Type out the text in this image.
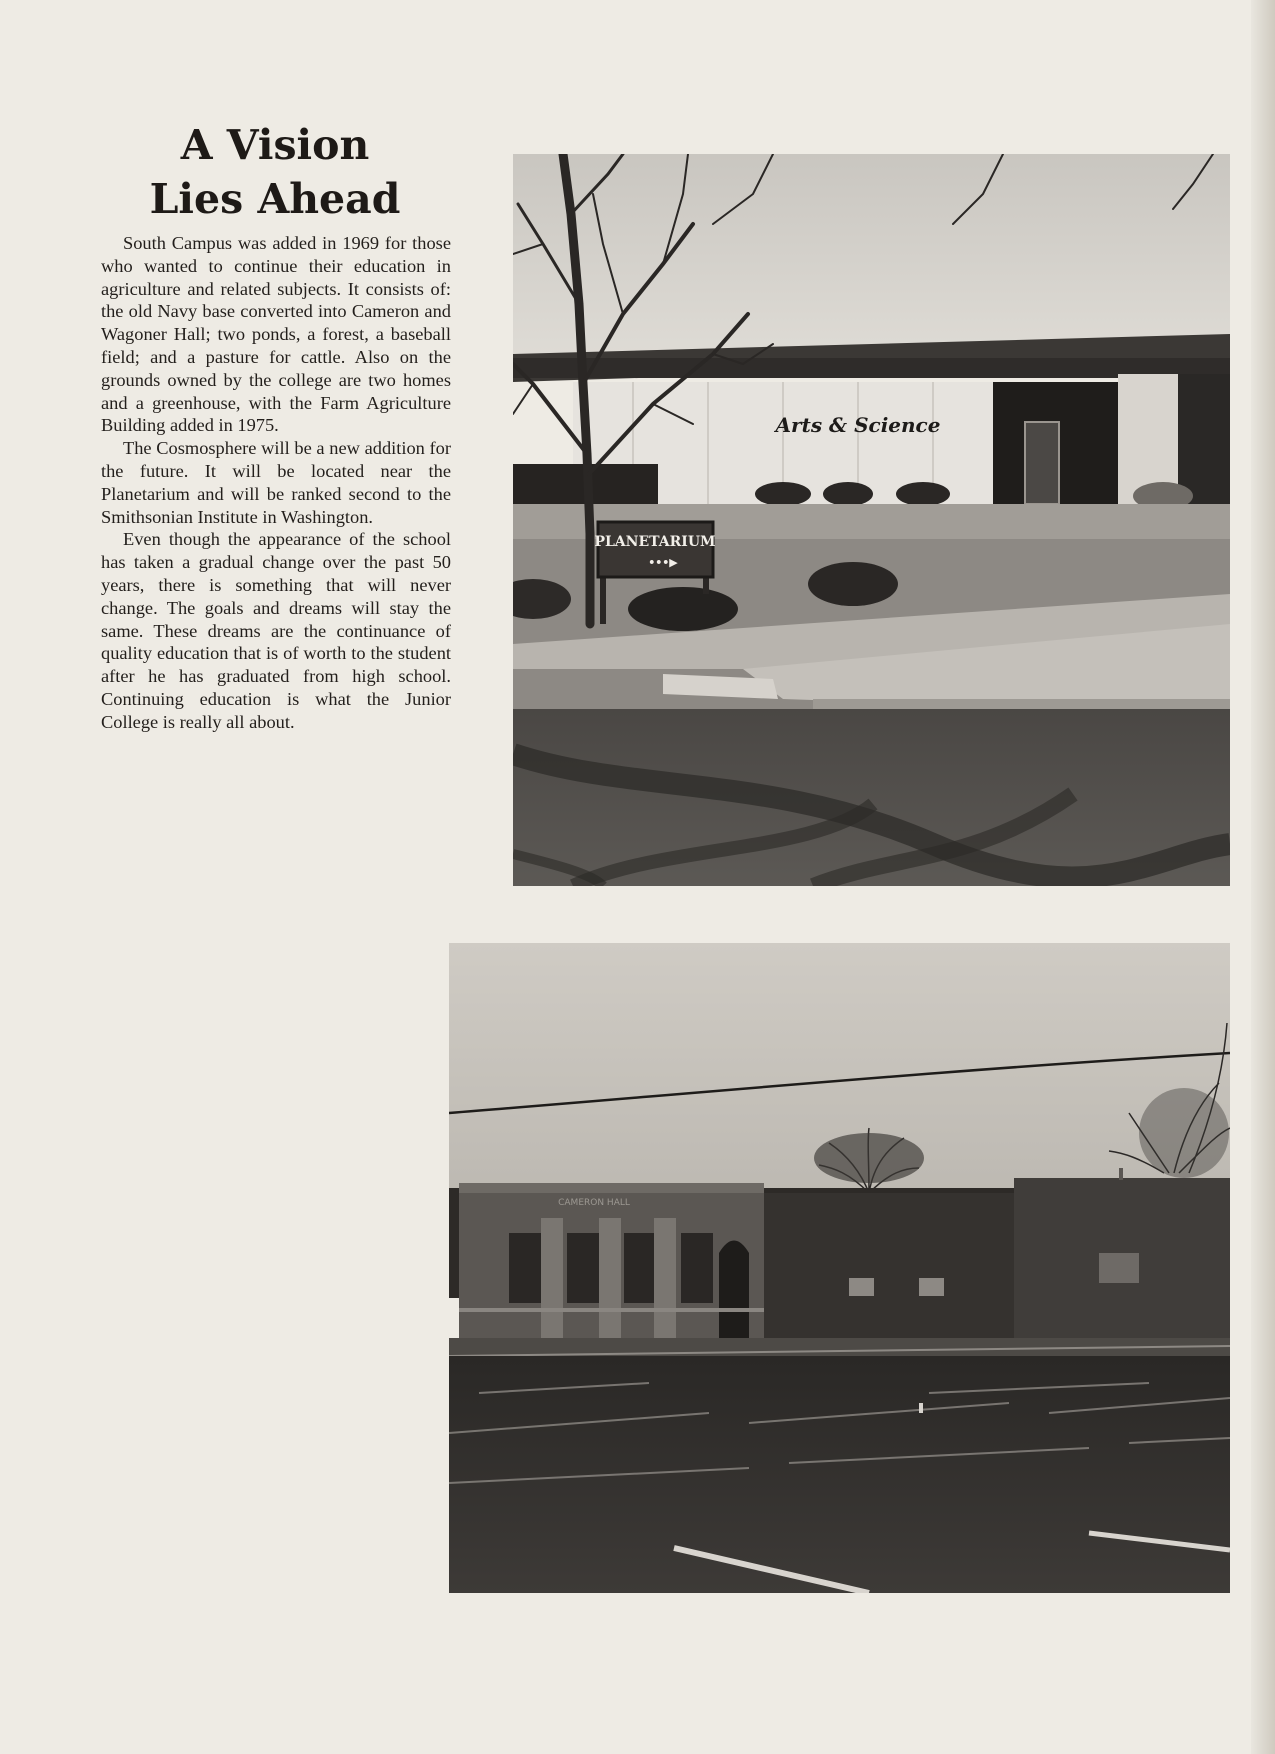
A Vision
Lies Ahead

South Campus was added in 1969 for those who wanted to continue their education in agriculture and related subjects. It consists of: the old Navy base converted into Cameron and Wagoner Hall; two ponds, a forest, a baseball field; and a pasture for cattle. Also on the grounds owned by the college are two homes and a greenhouse, with the Farm Agriculture Building added in 1975.

The Cosmosphere will be a new addition for the future. It will be located near the Planetarium and will be ranked second to the Smithsonian Institute in Washington.

Even though the appearance of the school has taken a gradual change over the past 50 years, there is something that will never change. The goals and dreams will stay the same. These dreams are the continuance of quality education that is of worth to the student after he has graduated from high school. Continuing education is what the Junior College is really all about.

Arts & Science
PLANETARIUM
•••▶
CAMERON HALL
